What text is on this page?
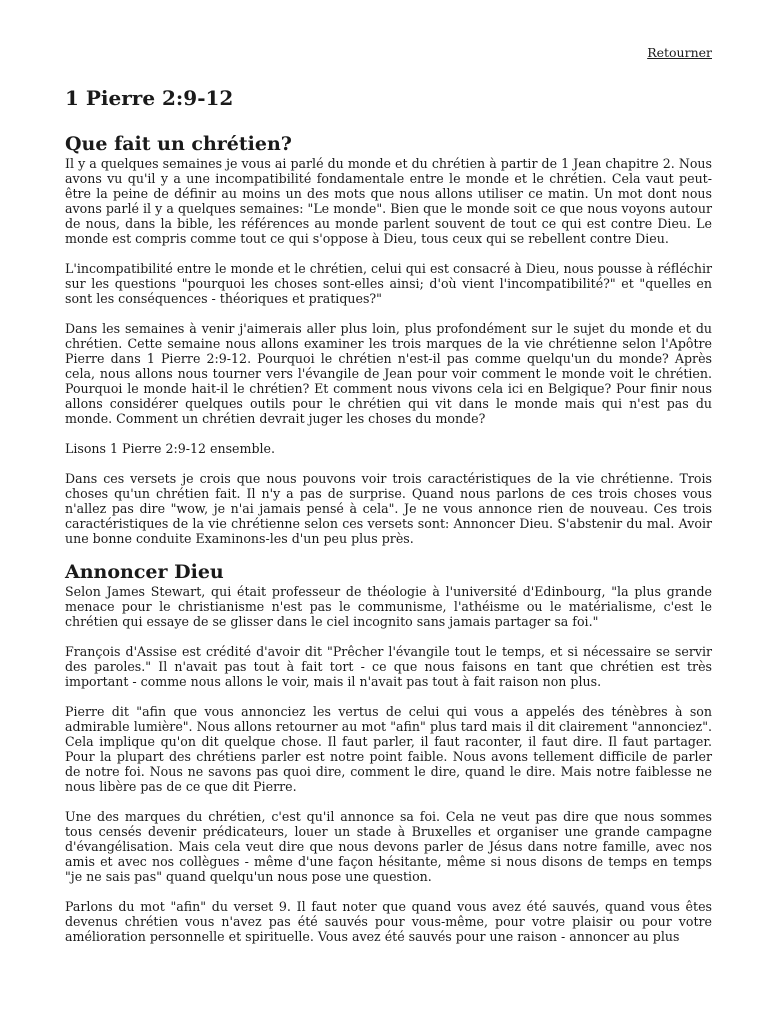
Retourner
1 Pierre 2:9-12
Que fait un chrétien?

Il y a quelques semaines je vous ai parlé du monde et du chrétien à partir de 1 Jean chapitre 2. Nous avons vu qu'il y a une incompatibilité fondamentale entre le monde et le chrétien. Cela vaut peut-être la peine de définir au moins un des mots que nous allons utiliser ce matin. Un mot dont nous avons parlé il y a quelques semaines: "Le monde". Bien que le monde soit ce que nous voyons autour de nous, dans la bible, les références au monde parlent souvent de tout ce qui est contre Dieu. Le monde est compris comme tout ce qui s'oppose à Dieu, tous ceux qui se rebellent contre Dieu.

L'incompatibilité entre le monde et le chrétien, celui qui est consacré à Dieu, nous pousse à réfléchir sur les questions "pourquoi les choses sont-elles ainsi; d'où vient l'incompatibilité?" et "quelles en sont les conséquences - théoriques et pratiques?"

Dans les semaines à venir j'aimerais aller plus loin, plus profondément sur le sujet du monde et du chrétien. Cette semaine nous allons examiner les trois marques de la vie chrétienne selon l'Apôtre Pierre dans 1 Pierre 2:9-12. Pourquoi le chrétien n'est-il pas comme quelqu'un du monde? Après cela, nous allons nous tourner vers l'évangile de Jean pour voir comment le monde voit le chrétien. Pourquoi le monde hait-il le chrétien? Et comment nous vivons cela ici en Belgique? Pour finir nous allons considérer quelques outils pour le chrétien qui vit dans le monde mais qui n'est pas du monde. Comment un chrétien devrait juger les choses du monde?

Lisons 1 Pierre 2:9-12 ensemble.

Dans ces versets je crois que nous pouvons voir trois caractéristiques de la vie chrétienne. Trois choses qu'un chrétien fait. Il n'y a pas de surprise. Quand nous parlons de ces trois choses vous n'allez pas dire "wow, je n'ai jamais pensé à cela". Je ne vous annonce rien de nouveau. Ces trois caractéristiques de la vie chrétienne selon ces versets sont: Annoncer Dieu. S'abstenir du mal. Avoir une bonne conduite Examinons-les d'un peu plus près.

Annoncer Dieu

Selon James Stewart, qui était professeur de théologie à l'université d'Edinbourg, "la plus grande menace pour le christianisme n'est pas le communisme, l'athéisme ou le matérialisme, c'est le chrétien qui essaye de se glisser dans le ciel incognito sans jamais partager sa foi."

François d'Assise est crédité d'avoir dit "Prêcher l'évangile tout le temps, et si nécessaire se servir des paroles." Il n'avait pas tout à fait tort - ce que nous faisons en tant que chrétien est très important - comme nous allons le voir, mais il n'avait pas tout à fait raison non plus.

Pierre dit "afin que vous annonciez les vertus de celui qui vous a appelés des ténèbres à son admirable lumière". Nous allons retourner au mot "afin" plus tard mais il dit clairement "annonciez". Cela implique qu'on dit quelque chose. Il faut parler, il faut raconter, il faut dire. Il faut partager. Pour la plupart des chrétiens parler est notre point faible. Nous avons tellement difficile de parler de notre foi. Nous ne savons pas quoi dire, comment le dire, quand le dire. Mais notre faiblesse ne nous libère pas de ce que dit Pierre.

Une des marques du chrétien, c'est qu'il annonce sa foi. Cela ne veut pas dire que nous sommes tous censés devenir prédicateurs, louer un stade à Bruxelles et organiser une grande campagne d'évangélisation. Mais cela veut dire que nous devons parler de Jésus dans notre famille, avec nos amis et avec nos collègues - même d'une façon hésitante, même si nous disons de temps en temps "je ne sais pas" quand quelqu'un nous pose une question.

Parlons du mot "afin" du verset 9. Il faut noter que quand vous avez été sauvés, quand vous êtes devenus chrétien vous n'avez pas été sauvés pour vous-même, pour votre plaisir ou pour votre amélioration personnelle et spirituelle. Vous avez été sauvés pour une raison - annoncer au plus
